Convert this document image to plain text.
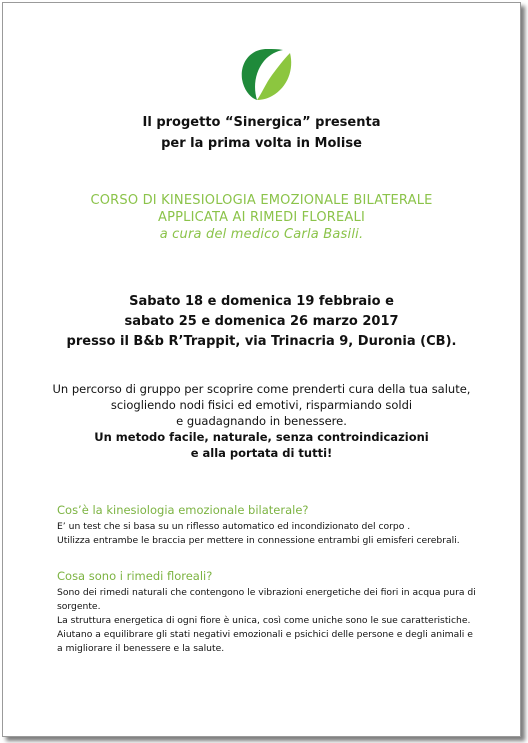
Il progetto “Sinergica” presenta
per la prima volta in Molise
CORSO DI KINESIOLOGIA EMOZIONALE BILATERALE
APPLICATA AI RIMEDI FLOREALI
a cura del medico Carla Basili.
Sabato 18 e domenica 19 febbraio e
sabato 25 e domenica 26 marzo 2017
presso il B&b R’Trappit, via Trinacria 9, Duronia (CB).
Un percorso di gruppo per scoprire come prenderti cura della tua salute,
sciogliendo nodi fisici ed emotivi, risparmiando soldi
e guadagnando in benessere.
Un metodo facile, naturale, senza controindicazioni
e alla portata di tutti!
Cos’è la kinesiologia emozionale bilaterale?

E’ un test che si basa su un riflesso automatico ed incondizionato del corpo .

Utilizza entrambe le braccia per mettere in connessione entrambi gli emisferi cerebrali.

Cosa sono i rimedi floreali?

Sono dei rimedi naturali che contengono le vibrazioni energetiche dei fiori in acqua pura di sorgente.

La struttura energetica di ogni fiore è unica, così come uniche sono le sue caratteristiche.

Aiutano a equilibrare gli stati negativi emozionali e psichici delle persone e degli animali e a migliorare il benessere e la salute.
